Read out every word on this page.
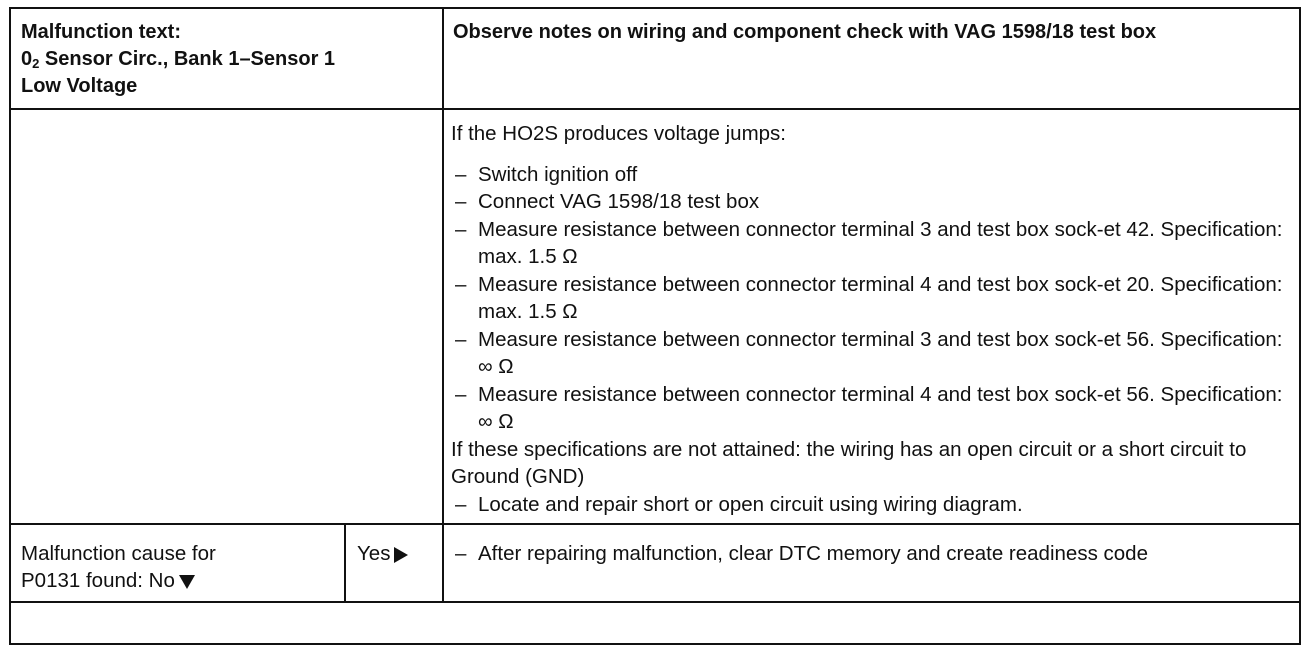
Malfunction text:
$0_2$ Sensor Circ., Bank 1–Sensor 1
Low Voltage
Observe notes on wiring and component check with VAG 1598/18 test box

If the HO2S produces voltage jumps:

– Switch ignition off
– Connect VAG 1598/18 test box
– Measure resistance between connector terminal 3 and test box sock-et 42. Specification: max. 1.5 Ω
– Measure resistance between connector terminal 4 and test box sock-et 20. Specification: max. 1.5 Ω
– Measure resistance between connector terminal 3 and test box sock-et 56. Specification: ∞ Ω
– Measure resistance between connector terminal 4 and test box sock-et 56. Specification: ∞ Ω

If these specifications are not attained: the wiring has an open circuit or a short circuit to Ground (GND)

– Locate and repair short or open circuit using wiring diagram.
Malfunction cause for
P0131 found: No
Yes	– After repairing malfunction, clear DTC memory and create readiness code
